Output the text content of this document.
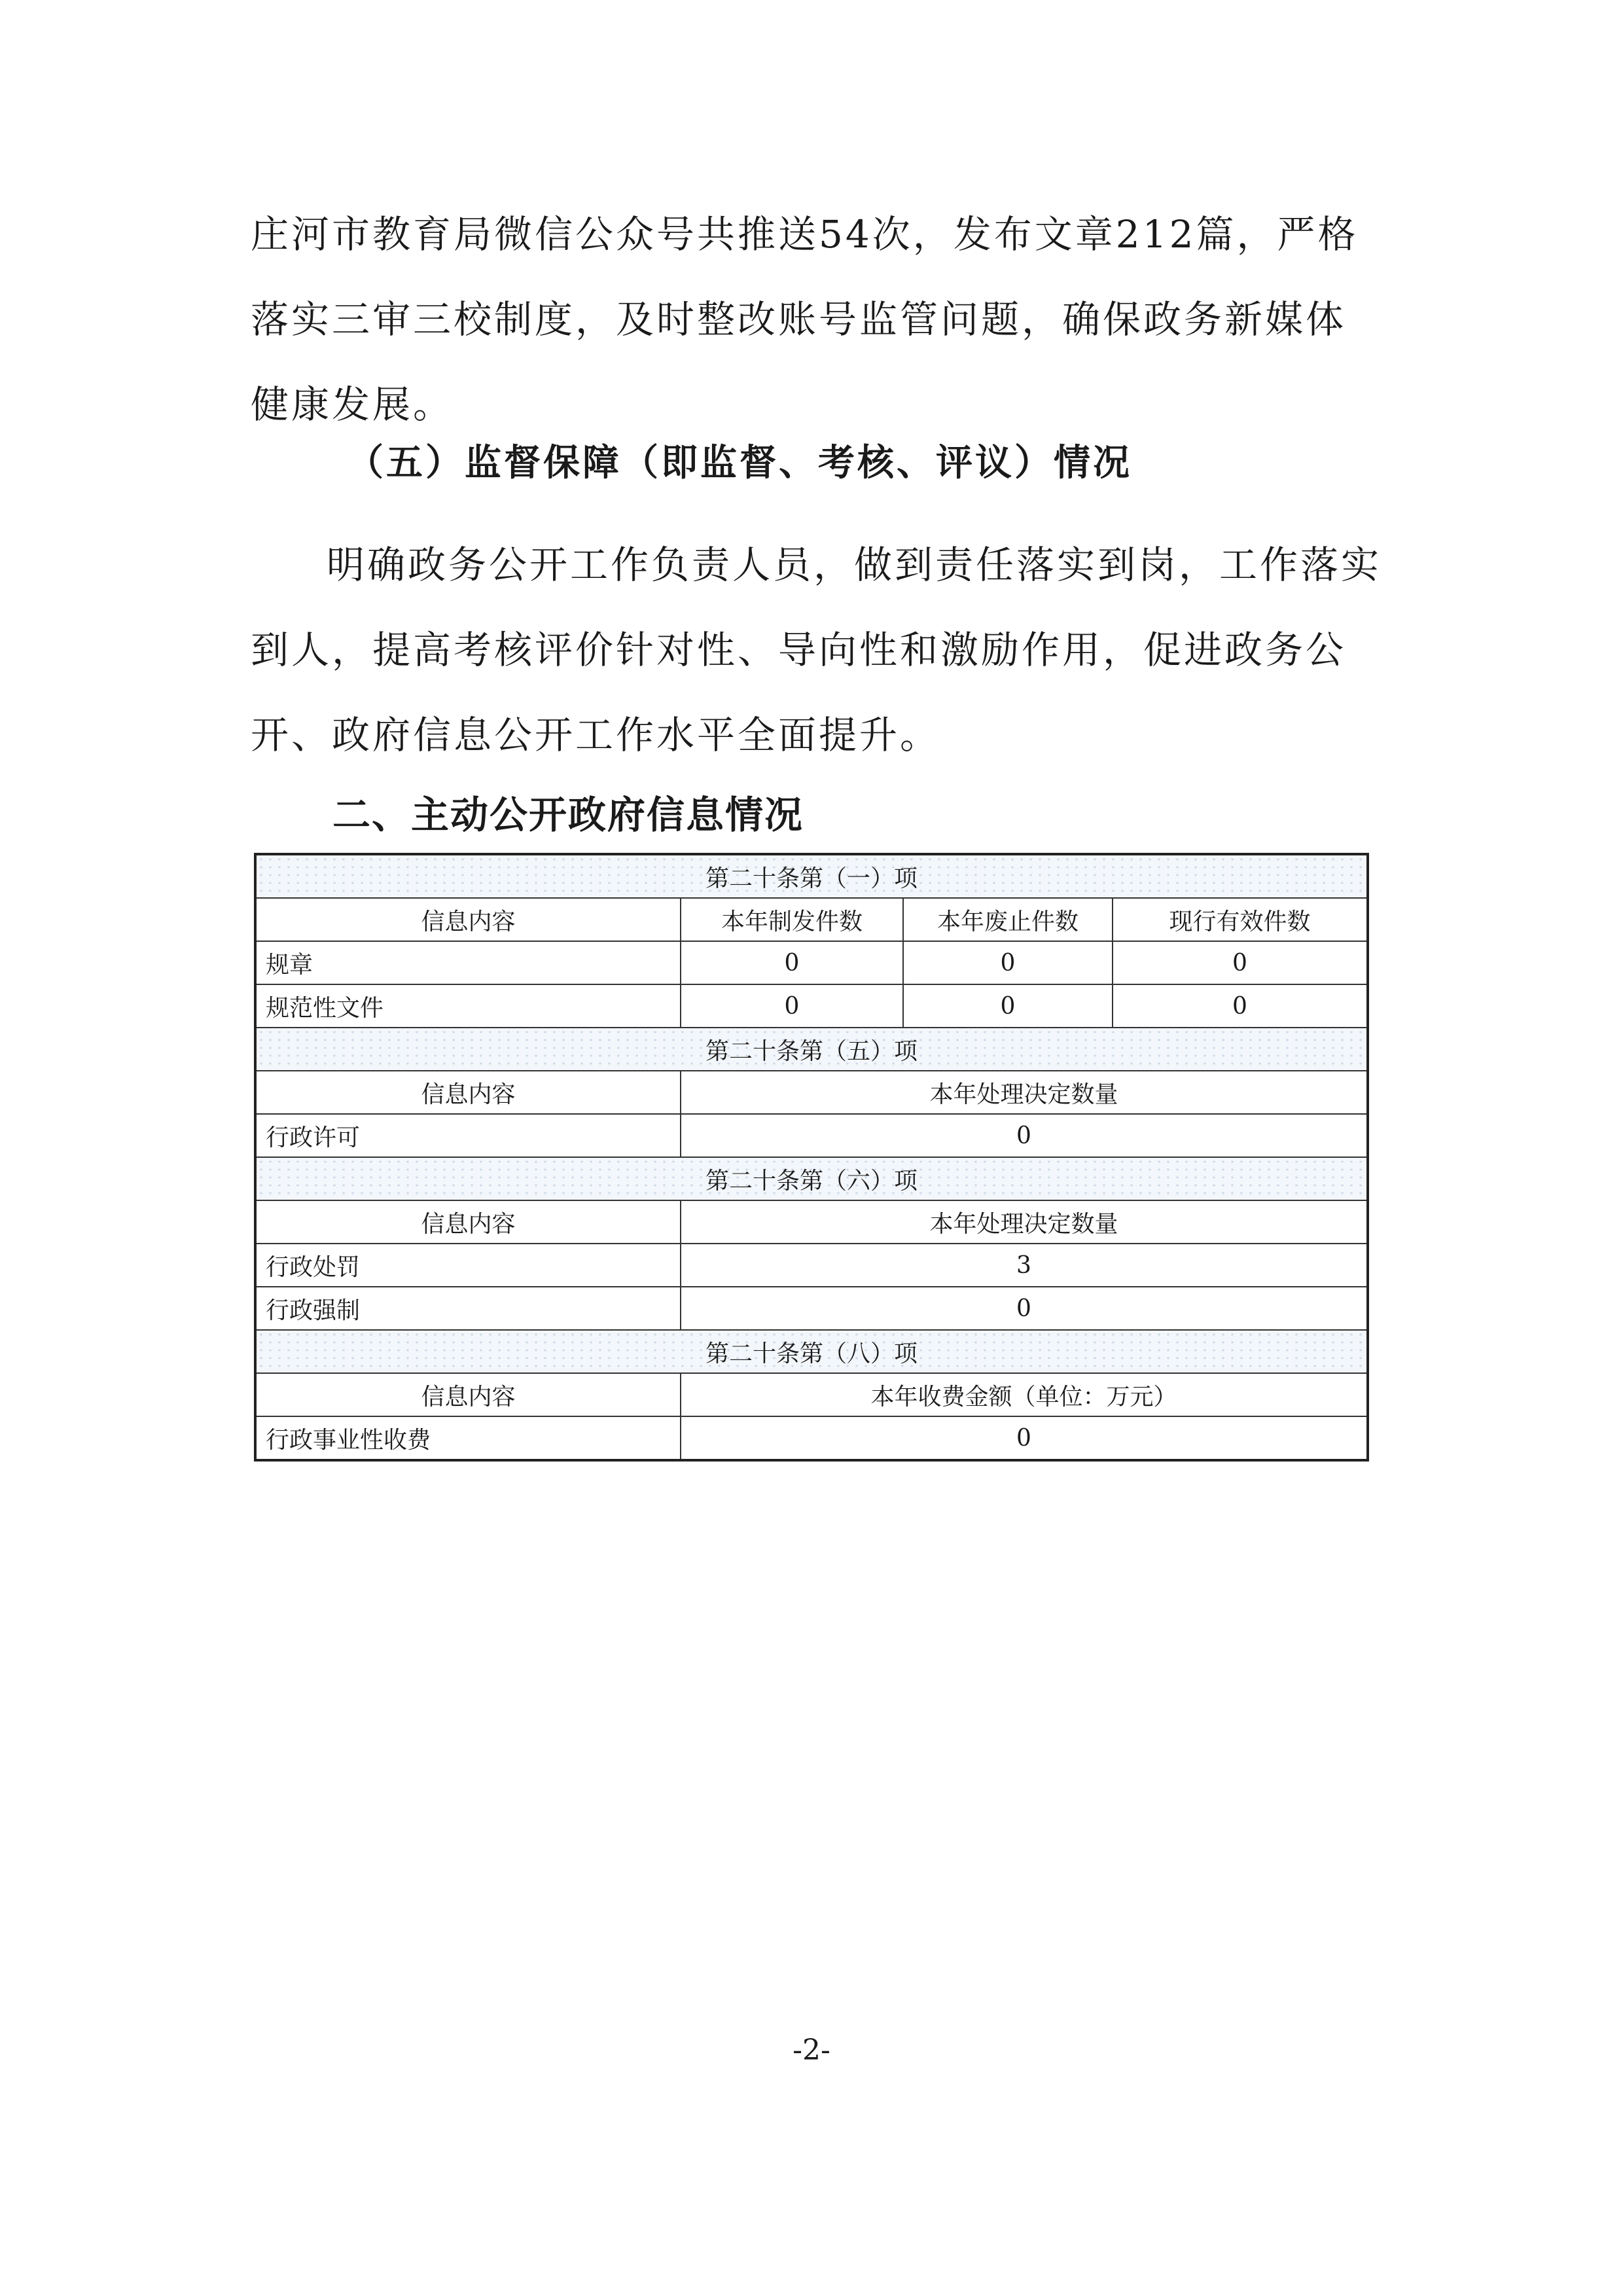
庄河市教育局微信公众号共推送54次，发布文章212篇，严格落实三审三校制度，及时整改账号监管问题，确保政务新媒体健康发展。

（五）监督保障（即监督、考核、评议）情况

明确政务公开工作负责人员，做到责任落实到岗，工作落实到人，提高考核评价针对性、导向性和激励作用，促进政务公开、政府信息公开工作水平全面提升。

二、主动公开政府信息情况
第二十条第（一）项			
信息内容	本年制发件数	本年废止件数	现行有效件数
规章	0	0	0
规范性文件	0	0	0
第二十条第（五）项			
信息内容	本年处理决定数量		
行政许可	0		
第二十条第（六）项			
信息内容	本年处理决定数量		
行政处罚	3		
行政强制	0		
第二十条第（八）项			
信息内容	本年收费金额（单位：万元）		
行政事业性收费	0		

-2-
